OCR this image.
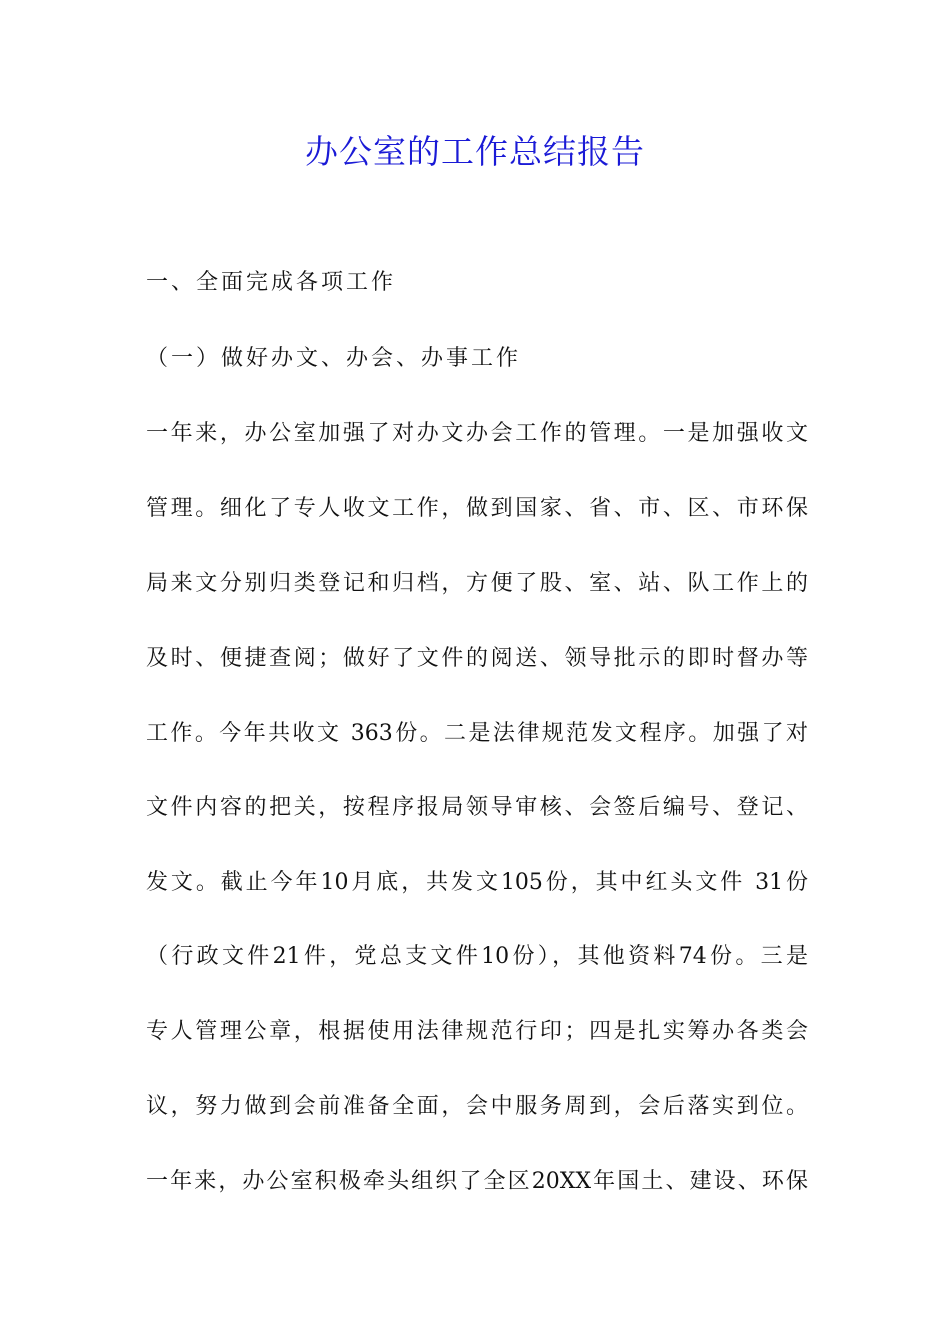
办公室的工作总结报告
一、全面完成各项工作
（一）做好办文、办会、办事工作
一年来，办公室加强了对办文办会工作的管理。一是加强收文
管理。细化了专人收文工作，做到国家、省、市、区、市环保
局来文分别归类登记和归档，方便了股、室、站、队工作上的
及时、便捷查阅；做好了文件的阅送、领导批示的即时督办等
工作。今年共收文 363份。二是法律规范发文程序。加强了对
文件内容的把关，按程序报局领导审核、会签后编号、登记、
发文。截止今年10月底，共发文105份，其中红头文件 31份
（行政文件21件，党总支文件10份），其他资料74份。三是
专人管理公章，根据使用法律规范行印；四是扎实筹办各类会
议，努力做到会前准备全面，会中服务周到，会后落实到位。
一年来，办公室积极牵头组织了全区20XX年国土、建设、环保
